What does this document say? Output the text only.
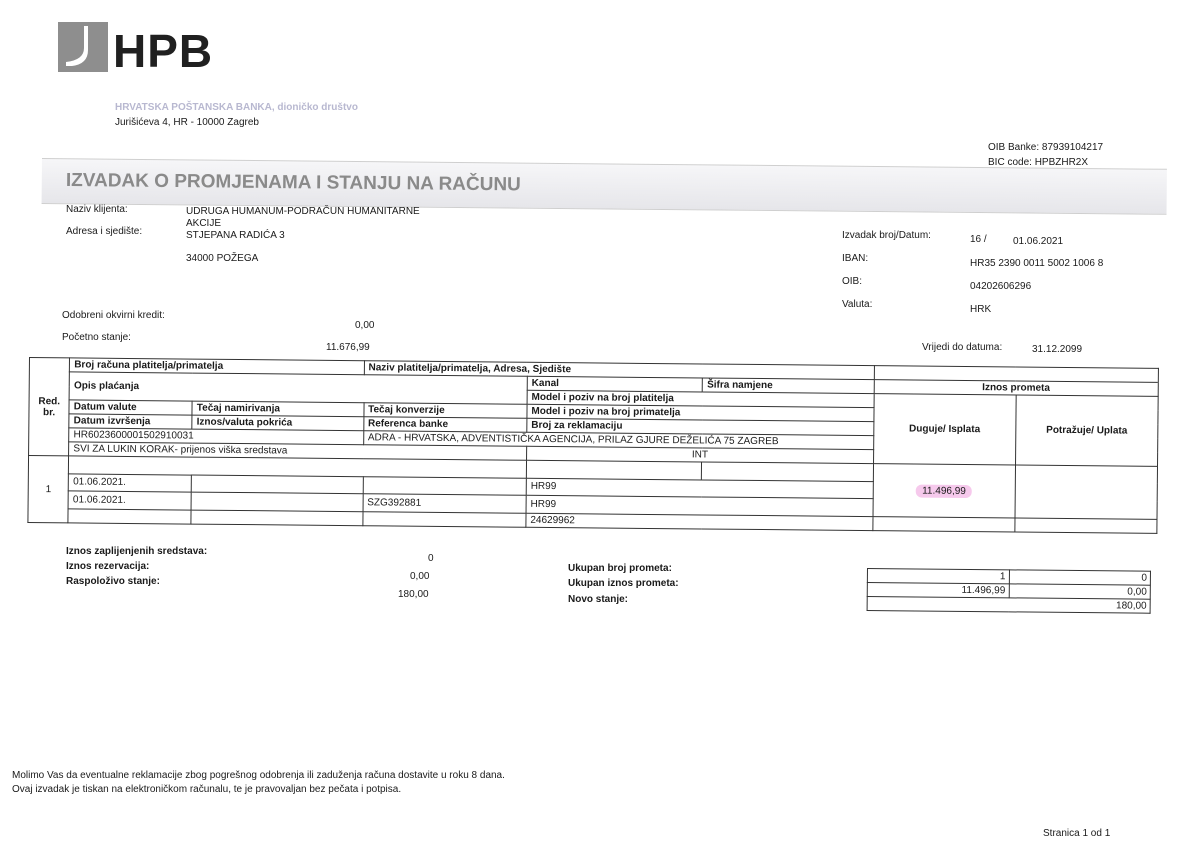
HPB
HRVATSKA POŠTANSKA BANKA, dioničko društvo
Jurišićeva 4, HR - 10000 Zagreb
OIB Banke: 87939104217
BIC code: HPBZHR2X
IZVADAK O PROMJENAMA I STANJU NA RAČUNU
Naziv klijenta:	UDRUGA HUMANUM-PODRAČUN HUMANITARNE
AKCIJE
Adresa i sjedište:	STJEPANA RADIĆA 3
34000 POŽEGA
Izvadak broj/Datum:	16 /	01.06.2021
IBAN:	HR35 2390 0011 5002 1006 8
OIB:	04202606296
Valuta:	HRK
Vrijedi do datuma:	31.12.2099
Odobreni okvirni kredit:
0,00
Početno stanje:
11.676,99
Red. br.	Broj računa platitelja/primatelja		Naziv platitelja/primatelja, Adresa, Sjedište				
	Opis plaćanja			Kanal	Šifra namjene	Iznos prometa	
				Model i poziv na broj platitelja		Duguje/ Isplata	Potražuje/ Uplata
	Datum valute	Tečaj namirivanja	Tečaj konverzije	Model i poziv na broj primatelja			
	Datum izvršenja	Iznos/valuta pokrića	Referenca banke	Broj za reklamaciju			
	HR6023600001502910031		ADRA - HRVATSKA, ADVENTISTIČKA AGENCIJA, PRILAZ GJURE DEŽELIĆA 75 ZAGREB				
	SVI ZA LUKIN KORAK- prijenos viška sredstava			INT			
1						11.496,99	
	01.06.2021.			HR99			
	01.06.2021.		SZG392881	HR99			
				24629962			
Iznos zaplijenjenih sredstava:
0
Iznos rezervacija:
0,00
Raspoloživo stanje:
180,00
Ukupan broj prometa:
Ukupan iznos prometa:
Novo stanje:
1	0
11.496,99	0,00
180,00	
Molimo Vas da eventualne reklamacije zbog pogrešnog odobrenja ili zaduženja računa dostavite u roku 8 dana.
Ovaj izvadak je tiskan na elektroničkom računalu, te je pravovaljan bez pečata i potpisa.
Stranica 1 od 1
